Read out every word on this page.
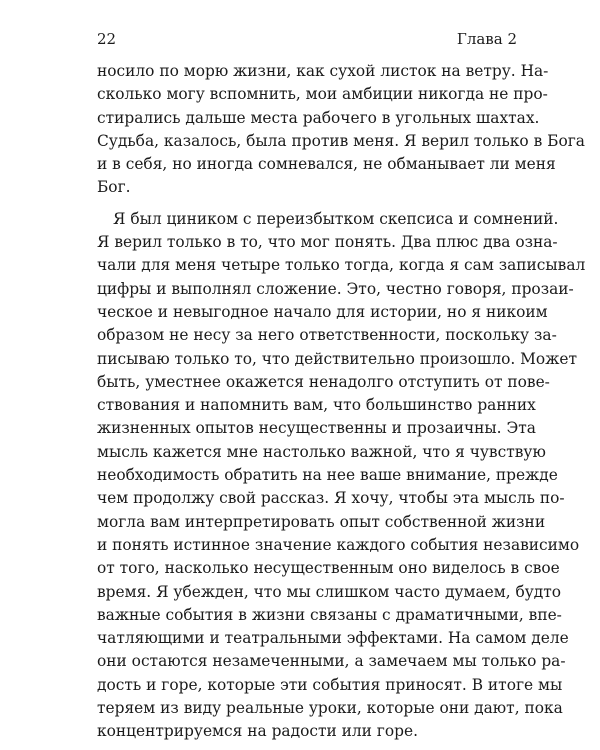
22	Глава 2
носило по морю жизни, как сухой листок на ветру. На-
сколько могу вспомнить, мои амбиции никогда не про-
стирались дальше места рабочего в угольных шахтах.
Судьба, казалось, была против меня. Я верил только в Бога
и в себя, но иногда сомневался, не обманывает ли меня
Бог.
Я был циником с переизбытком скепсиса и сомнений.
Я верил только в то, что мог понять. Два плюс два озна-
чали для меня четыре только тогда, когда я сам записывал
цифры и выполнял сложение. Это, честно говоря, прозаи-
ческое и невыгодное начало для истории, но я никоим
образом не несу за него ответственности, поскольку за-
писываю только то, что действительно произошло. Может
быть, уместнее окажется ненадолго отступить от пове-
ствования и напомнить вам, что большинство ранних
жизненных опытов несущественны и прозаичны. Эта
мысль кажется мне настолько важной, что я чувствую
необходимость обратить на нее ваше внимание, прежде
чем продолжу свой рассказ. Я хочу, чтобы эта мысль по-
могла вам интерпретировать опыт собственной жизни
и понять истинное значение каждого события независимо
от того, насколько несущественным оно виделось в свое
время. Я убежден, что мы слишком часто думаем, будто
важные события в жизни связаны с драматичными, впе-
чатляющими и театральными эффектами. На самом деле
они остаются незамеченными, а замечаем мы только ра-
дость и горе, которые эти события приносят. В итоге мы
теряем из виду реальные уроки, которые они дают, пока
концентрируемся на радости или горе.
